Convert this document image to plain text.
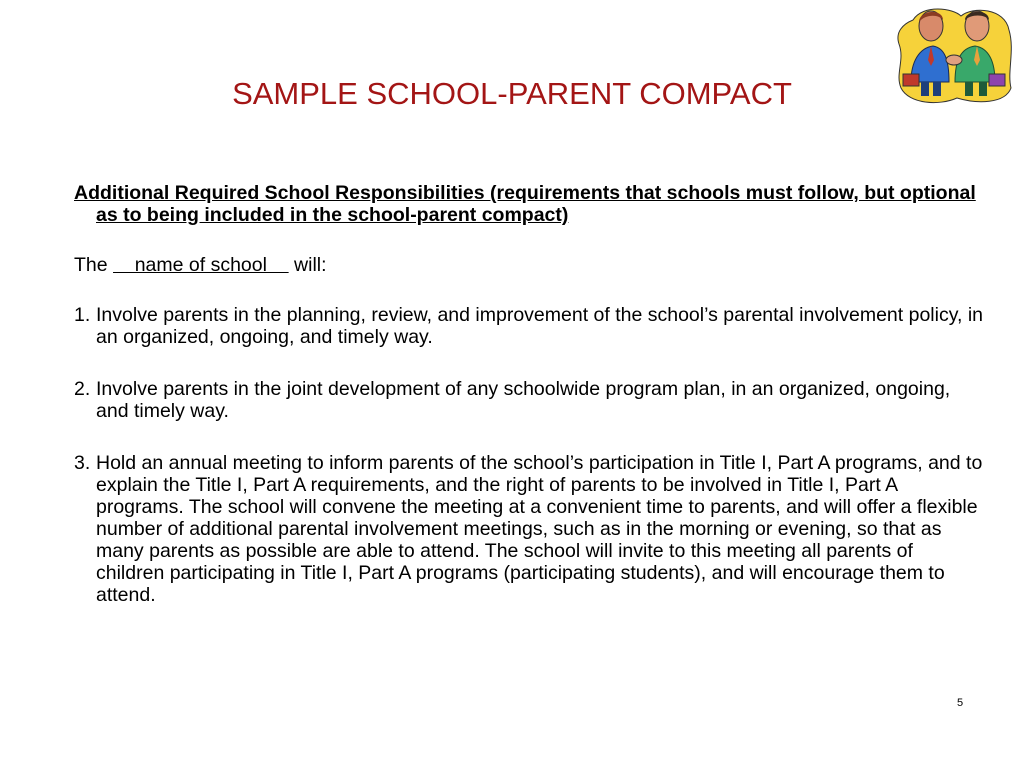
SAMPLE SCHOOL-PARENT COMPACT

Additional Required School Responsibilities (requirements that schools must follow, but optional as to being included in the school-parent compact)

The     name of school     will:

1. Involve parents in the planning, review, and improvement of the school’s parental involvement policy, in an organized, ongoing, and timely way.
2. Involve parents in the joint development of any schoolwide program plan, in an organized, ongoing, and timely way.
3. Hold an annual meeting to inform parents of the school’s participation in Title I, Part A programs, and to explain the Title I, Part A requirements, and the right of parents to be involved in Title I, Part A programs. The school will convene the meeting at a convenient time to parents, and will offer a flexible number of additional parental involvement meetings, such as in the morning or evening, so that as many parents as possible are able to attend. The school will invite to this meeting all parents of children participating in Title I, Part A programs (participating students), and will encourage them to attend.
5
